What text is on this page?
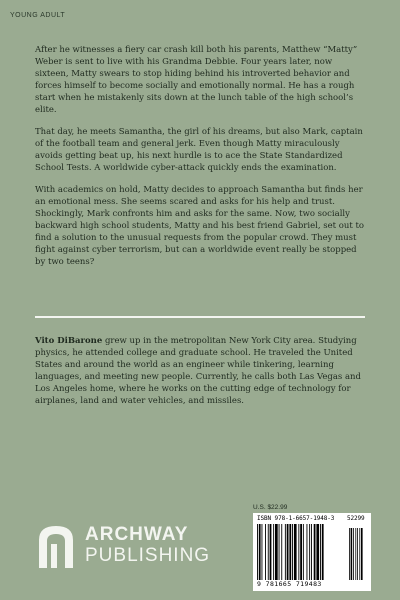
YOUNG ADULT

After he witnesses a fiery car crash kill both his parents, Matthew “Matty” Weber is sent to live with his Grandma Debbie. Four years later, now sixteen, Matty swears to stop hiding behind his introverted behavior and forces himself to become socially and emotionally normal. He has a rough start when he mistakenly sits down at the lunch table of the high school’s elite.

That day, he meets Samantha, the girl of his dreams, but also Mark, captain of the football team and general jerk. Even though Matty miraculously avoids getting beat up, his next hurdle is to ace the State Standardized School Tests. A worldwide cyber-attack quickly ends the examination.

With academics on hold, Matty decides to approach Samantha but finds her an emotional mess. She seems scared and asks for his help and trust. Shockingly, Mark confronts him and asks for the same. Now, two socially backward high school students, Matty and his best friend Gabriel, set out to find a solution to the unusual requests from the popular crowd. They must fight against cyber terrorism, but can a worldwide event really be stopped by two teens?

Vito DiBarone grew up in the metropolitan New York City area. Studying physics, he attended college and graduate school. He traveled the United States and around the world as an engineer while tinkering, learning languages, and meeting new people. Currently, he calls both Las Vegas and Los Angeles home, where he works on the cutting edge of technology for airplanes, land and water vehicles, and missiles.

ARCHWAY
PUBLISHING
U.S. $22.99
ISBN 978-1-6657-1948-3 52299
9 781665 719483
